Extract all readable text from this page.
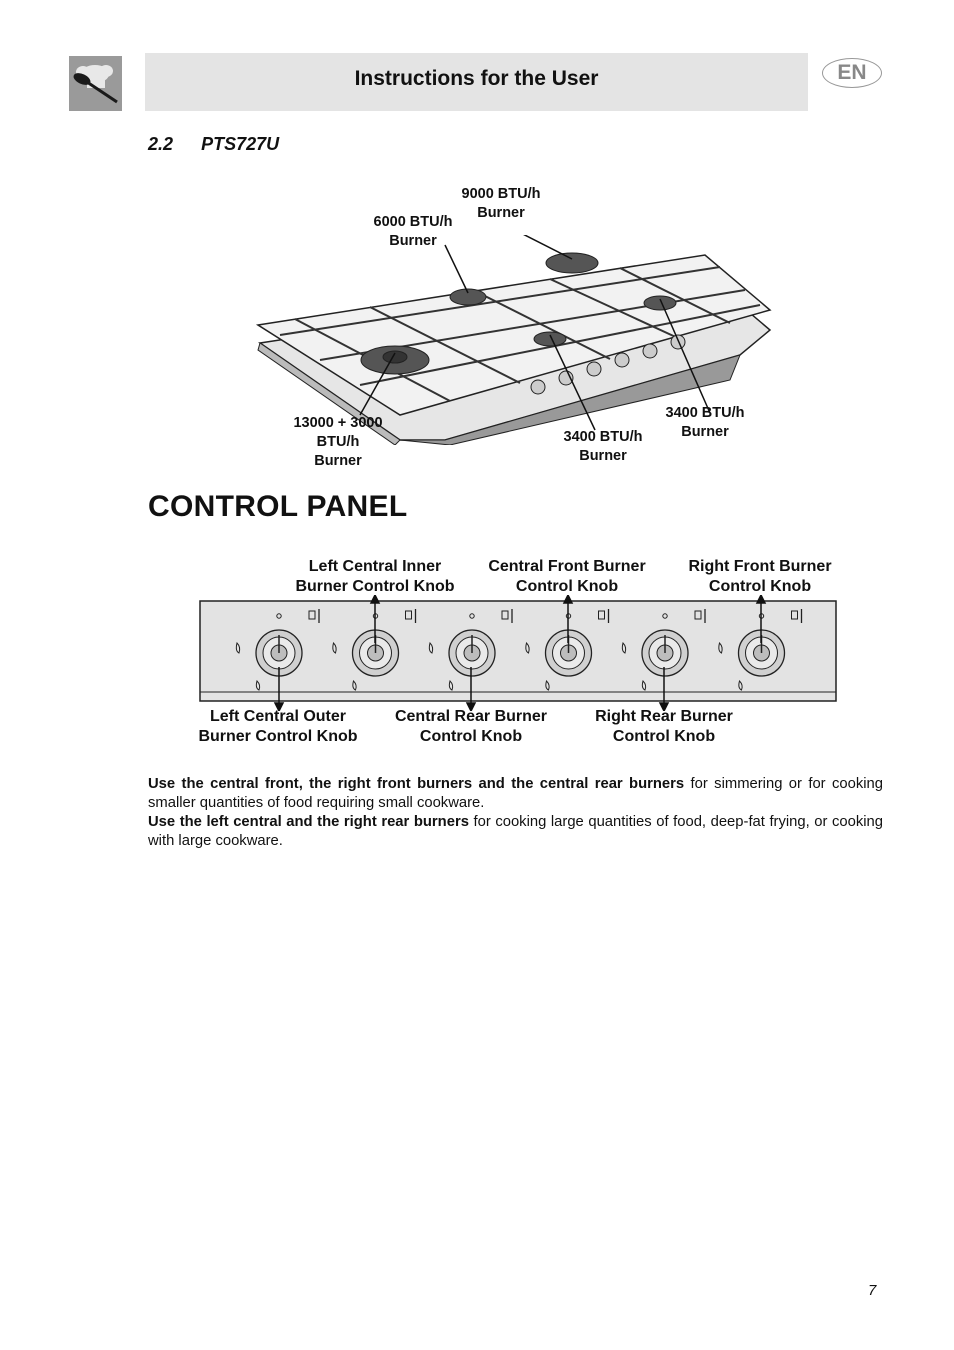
Instructions for the User	EN
2.2 PTS727U
6000 BTU/h
Burner
9000 BTU/h
Burner
13000 + 3000
BTU/h
Burner
3400 BTU/h
Burner
3400 BTU/h
Burner
CONTROL PANEL
Left Central Inner
Burner Control Knob
Central Front Burner
Control Knob
Right Front Burner
Control Knob
Left Central Outer
Burner Control Knob
Central Rear Burner
Control Knob
Right Rear Burner
Control Knob

Use the central front, the right front burners and the central rear burners for simmering or for cooking smaller quantities of food requiring small cookware.

Use the left central and the right rear burners for cooking large quantities of food, deep-fat frying, or cooking with large cookware.

7
